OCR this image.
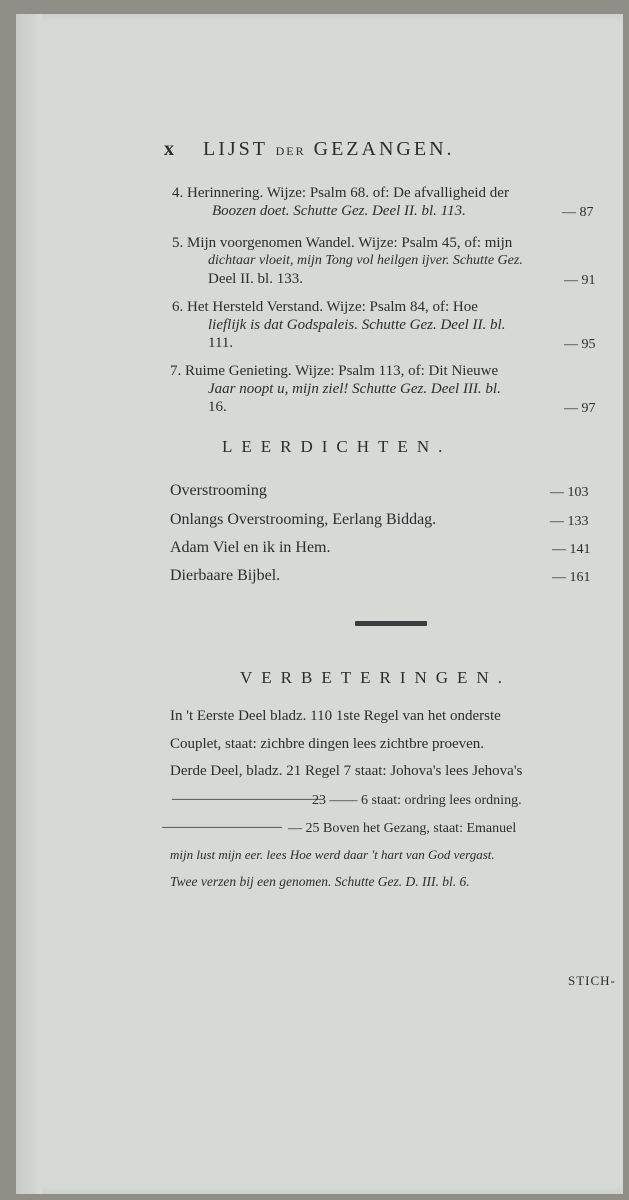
x LIJST DER GEZANGEN.
4. Herinnering. Wijze: Psalm 68. of: De afvalligheid der
Boozen doet. Schutte Gez. Deel II. bl. 113.	— 87
5. Mijn voorgenomen Wandel. Wijze: Psalm 45, of: mijn
dichtaar vloeit, mijn Tong vol heilgen ijver. Schutte Gez.
Deel II. bl. 133.	— 91
6. Het Hersteld Verstand. Wijze: Psalm 84, of: Hoe
lieflijk is dat Godspaleis. Schutte Gez. Deel II. bl.
111.	— 95
7. Ruime Genieting. Wijze: Psalm 113, of: Dit Nieuwe
Jaar noopt u, mijn ziel! Schutte Gez. Deel III. bl.
16.	— 97
LEERDICHTEN.
Overstrooming	— 103
Onlangs Overstrooming, Eerlang Biddag.	— 133
Adam Viel en ik in Hem.	— 141
Dierbaare Bijbel.	— 161
VERBETERINGEN.
In 't Eerste Deel bladz. 110 1ste Regel van het onderste
Couplet, staat: zichbre dingen lees zichtbre proeven.
Derde Deel, bladz. 21 Regel 7 staat: Johova's lees Jehova's
——————————
23 —— 6 staat: ordring lees ordning.
———————— — 25 Boven het Gezang, staat: Emanuel
mijn lust mijn eer. lees Hoe werd daar 't hart van God vergast.
Twee verzen bij een genomen. Schutte Gez. D. III. bl. 6.
STICH-
